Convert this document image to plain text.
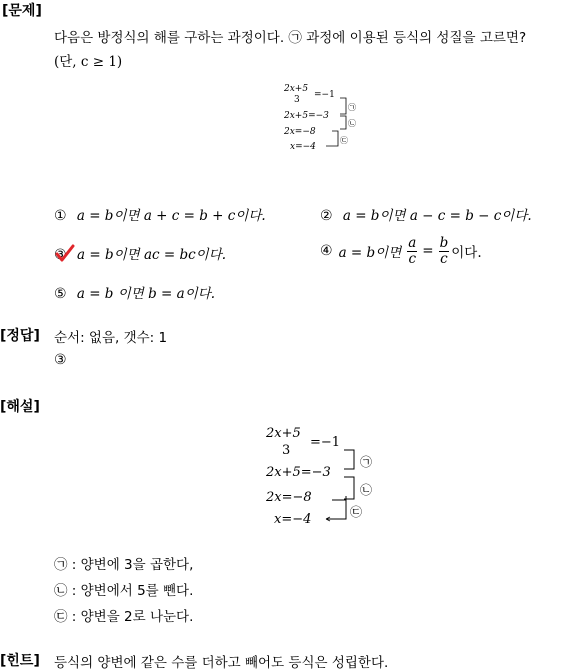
[문제]
다음은 방정식의 해를 구하는 과정이다. ㉠ 과정에 이용된 등식의 성질을 고르면?
(단, c ≥ 1)
2x+5
3 =−1
2x+5=−3
2x=−8
x=−4
㉠
㉡
㉢
① a = b이면 a + c = b + c이다.	② a = b이면 a − c = b − c이다.
③ a = b이면 ac = bc이다.	④ a = b이면 $\frac{a}{c} = \frac{b}{c}$ 이다.
⑤ a = b 이면 b = a이다.
[정답] 순서: 없음, 갯수: 1
③
[해설]
2x+5
3
=−1
2x+5=−3
2x=−8
x=−4
㉠
㉡
㉢
㉠ : 양변에 3을 곱한다,
㉡ : 양변에서 5를 뺀다.
㉢ : 양변을 2로 나눈다.
[힌트] 등식의 양변에 같은 수를 더하고 빼어도 등식은 성립한다.
